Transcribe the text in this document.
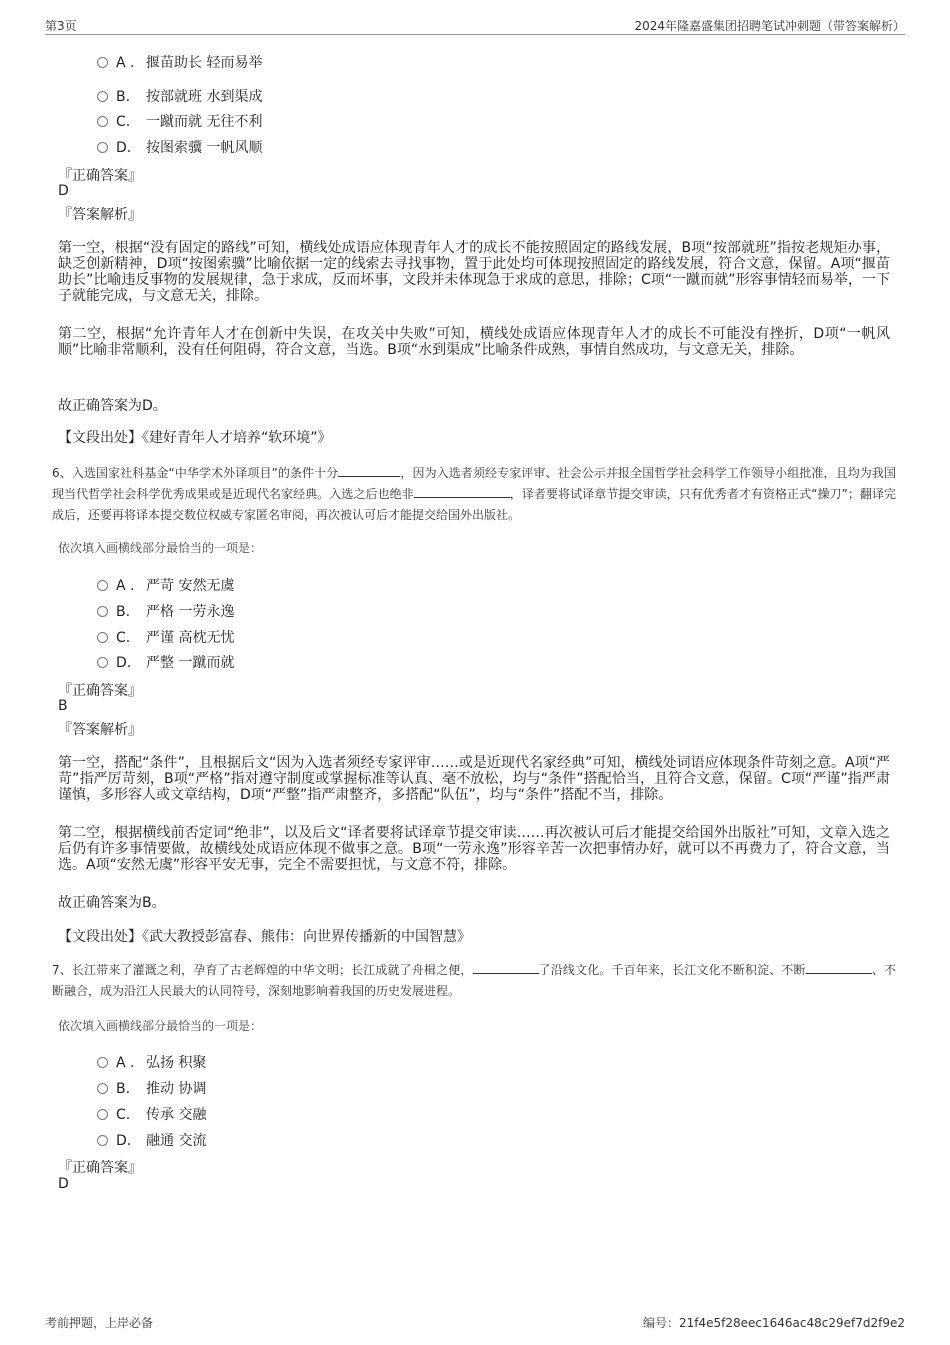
第3页	2024年隆嘉盛集团招聘笔试冲刺题（带答案解析）
A . 揠苗助长 轻而易举
B. 按部就班 水到渠成
C. 一蹴而就 无往不利
D. 按图索骥 一帆风顺
『正确答案』
D
『答案解析』

第一空，根据“没有固定的路线”可知，横线处成语应体现青年人才的成长不能按照固定的路线发展，B项“按部就班”指按老规矩办事，缺乏创新精神，D项“按图索骥”比喻依据一定的线索去寻找事物，置于此处均可体现按照固定的路线发展，符合文意，保留。A项“揠苗助长”比喻违反事物的发展规律，急于求成，反而坏事，文段并未体现急于求成的意思，排除；C项“一蹴而就”形容事情轻而易举，一下子就能完成，与文意无关，排除。

第二空，根据“允许青年人才在创新中失误，在攻关中失败”可知，横线处成语应体现青年人才的成长不可能没有挫折，D项“一帆风顺”比喻非常顺利，没有任何阻碍，符合文意，当选。B项“水到渠成”比喻条件成熟，事情自然成功，与文意无关，排除。

故正确答案为D。

【文段出处】《建好青年人才培养“软环境”》

6、入选国家社科基金“中华学术外译项目”的条件十分	，因为入选者须经专家评审、社会公示并报全国哲学社会科学工作领导小组批准，且均为我国现当代哲学社会科学优秀成果或是近现代名家经典。入选之后也绝非	，译者要将试译章节提交审读，只有优秀者才有资格正式“操刀”；翻译完成后，还要再将译本提交数位权威专家匿名审阅，再次被认可后才能提交给国外出版社。

依次填入画横线部分最恰当的一项是：
A . 严苛 安然无虞
B. 严格 一劳永逸
C. 严谨 高枕无忧
D. 严整 一蹴而就
『正确答案』
B
『答案解析』

第一空，搭配“条件”，且根据后文“因为入选者须经专家评审……或是近现代名家经典”可知，横线处词语应体现条件苛刻之意。A项“严苛”指严厉苛刻，B项“严格”指对遵守制度或掌握标准等认真、毫不放松，均与“条件”搭配恰当，且符合文意，保留。C项“严谨”指严肃谨慎，多形容人或文章结构，D项“严整”指严肃整齐，多搭配“队伍”，均与“条件”搭配不当，排除。

第二空，根据横线前否定词“绝非”，以及后文“译者要将试译章节提交审读……再次被认可后才能提交给国外出版社”可知，文章入选之后仍有许多事情要做，故横线处成语应体现不做事之意。B项“一劳永逸”形容辛苦一次把事情办好，就可以不再费力了，符合文意，当选。A项“安然无虞”形容平安无事，完全不需要担忧，与文意不符，排除。

故正确答案为B。

【文段出处】《武大教授彭富春、熊伟：向世界传播新的中国智慧》

7、长江带来了灌溉之利，孕育了古老辉煌的中华文明；长江成就了舟楫之便，	了沿线文化。千百年来，长江文化不断积淀、不断	、不断融合，成为沿江人民最大的认同符号，深刻地影响着我国的历史发展进程。

依次填入画横线部分最恰当的一项是：
A . 弘扬 积聚
B. 推动 协调
C. 传承 交融
D. 融通 交流
『正确答案』
D
考前押题，上岸必备	编号：21f4e5f28eec1646ac48c29ef7d2f9e2
